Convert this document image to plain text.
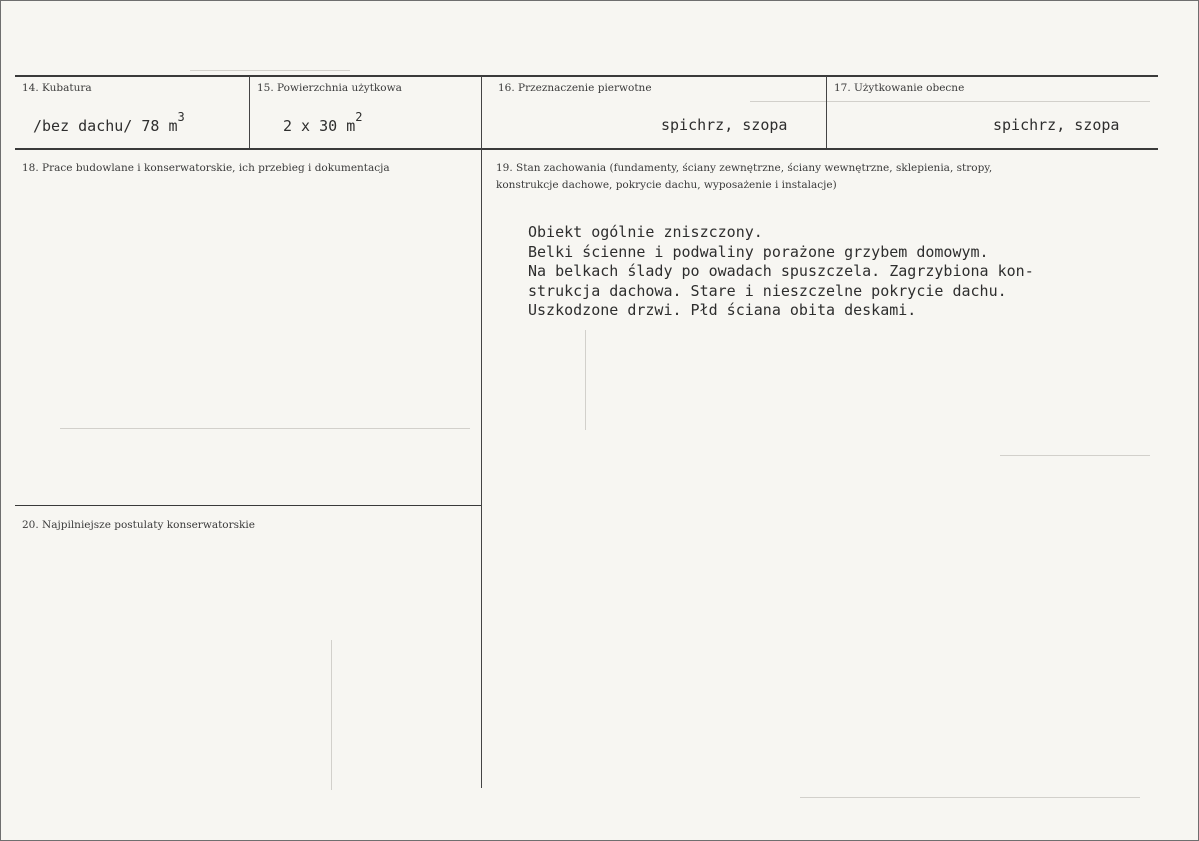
14. Kubatura
/bez dachu/ 78 $m^3$
15. Powierzchnia użytkowa
2 x 30 $m^2$
16. Przeznaczenie pierwotne
spichrz, szopa
17. Użytkowanie obecne
spichrz, szopa
18. Prace budowlane i konserwatorskie, ich przebieg i dokumentacja	19. Stan zachowania (fundamenty, ściany zewnętrzne, ściany wewnętrzne, sklepienia, stropy,
konstrukcje dachowe, pokrycie dachu, wyposażenie i instalacje)
Obiekt ogólnie zniszczony.
Belki ścienne i podwaliny porażone grzybem domowym.
Na belkach ślady po owadach spuszczela. Zagrzybiona kon-
strukcja dachowa. Stare i nieszczelne pokrycie dachu.
Uszkodzone drzwi. Płd ściana obita deskami.
20. Najpilniejsze postulaty konserwatorskie
